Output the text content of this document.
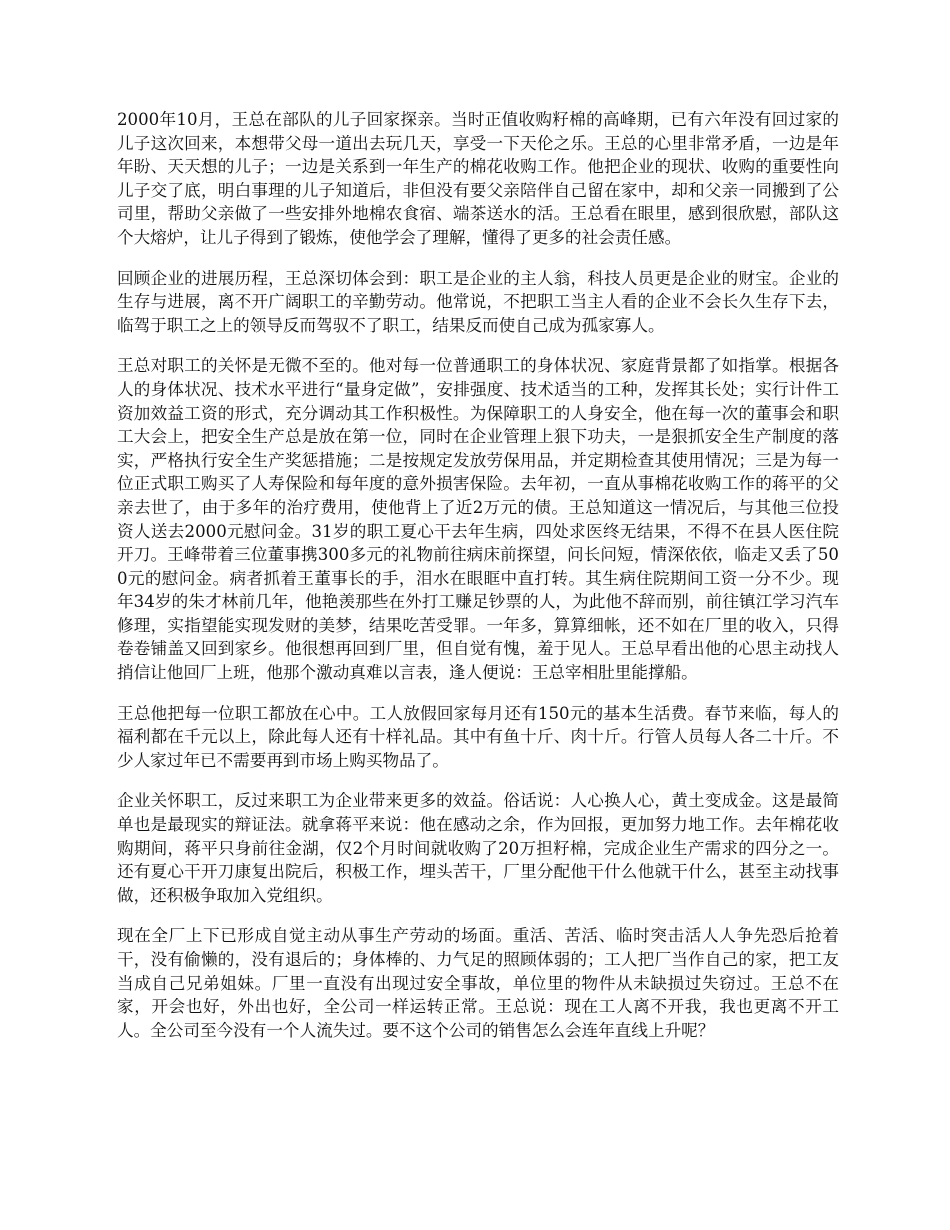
2000年10月，王总在部队的儿子回家探亲。当时正值收购籽棉的高峰期，已有六年没有回过家的儿子这次回来，本想带父母一道出去玩几天，享受一下天伦之乐。王总的心里非常矛盾，一边是年年盼、天天想的儿子；一边是关系到一年生产的棉花收购工作。他把企业的现状、收购的重要性向儿子交了底，明白事理的儿子知道后，非但没有要父亲陪伴自己留在家中，却和父亲一同搬到了公司里，帮助父亲做了一些安排外地棉农食宿、端茶送水的活。王总看在眼里，感到很欣慰，部队这个大熔炉，让儿子得到了锻炼，使他学会了理解，懂得了更多的社会责任感。

回顾企业的进展历程，王总深切体会到：职工是企业的主人翁，科技人员更是企业的财宝。企业的生存与进展，离不开广阔职工的辛勤劳动。他常说，不把职工当主人看的企业不会长久生存下去，临驾于职工之上的领导反而驾驭不了职工，结果反而使自己成为孤家寡人。

王总对职工的关怀是无微不至的。他对每一位普通职工的身体状况、家庭背景都了如指掌。根据各人的身体状况、技术水平进行“量身定做”，安排强度、技术适当的工种，发挥其长处；实行计件工资加效益工资的形式，充分调动其工作积极性。为保障职工的人身安全，他在每一次的董事会和职工大会上，把安全生产总是放在第一位，同时在企业管理上狠下功夫，一是狠抓安全生产制度的落实，严格执行安全生产奖惩措施；二是按规定发放劳保用品，并定期检查其使用情况；三是为每一位正式职工购买了人寿保险和每年度的意外损害保险。去年初，一直从事棉花收购工作的蒋平的父亲去世了，由于多年的治疗费用，使他背上了近2万元的债。王总知道这一情况后，与其他三位投资人送去2000元慰问金。31岁的职工夏心干去年生病，四处求医终无结果，不得不在县人医住院开刀。王峰带着三位董事携300多元的礼物前往病床前探望，问长问短，情深依依，临走又丢了500元的慰问金。病者抓着王董事长的手，泪水在眼眶中直打转。其生病住院期间工资一分不少。现年34岁的朱才林前几年，他艳羡那些在外打工赚足钞票的人，为此他不辞而别，前往镇江学习汽车修理，实指望能实现发财的美梦，结果吃苦受罪。一年多，算算细帐，还不如在厂里的收入，只得卷卷铺盖又回到家乡。他很想再回到厂里，但自觉有愧，羞于见人。王总早看出他的心思主动找人捎信让他回厂上班，他那个激动真难以言表，逢人便说：王总宰相肚里能撑船。

王总他把每一位职工都放在心中。工人放假回家每月还有150元的基本生活费。春节来临，每人的福利都在千元以上，除此每人还有十样礼品。其中有鱼十斤、肉十斤。行管人员每人各二十斤。不少人家过年已不需要再到市场上购买物品了。

企业关怀职工，反过来职工为企业带来更多的效益。俗话说：人心换人心，黄土变成金。这是最简单也是最现实的辩证法。就拿蒋平来说：他在感动之余，作为回报，更加努力地工作。去年棉花收购期间，蒋平只身前往金湖，仅2个月时间就收购了20万担籽棉，完成企业生产需求的四分之一。还有夏心干开刀康复出院后，积极工作，埋头苦干，厂里分配他干什么他就干什么，甚至主动找事做，还积极争取加入党组织。

现在全厂上下已形成自觉主动从事生产劳动的场面。重活、苦活、临时突击活人人争先恐后抢着干，没有偷懒的，没有退后的；身体棒的、力气足的照顾体弱的；工人把厂当作自己的家，把工友当成自己兄弟姐妹。厂里一直没有出现过安全事故，单位里的物件从未缺损过失窃过。王总不在家，开会也好，外出也好，全公司一样运转正常。王总说：现在工人离不开我，我也更离不开工人。全公司至今没有一个人流失过。要不这个公司的销售怎么会连年直线上升呢？
